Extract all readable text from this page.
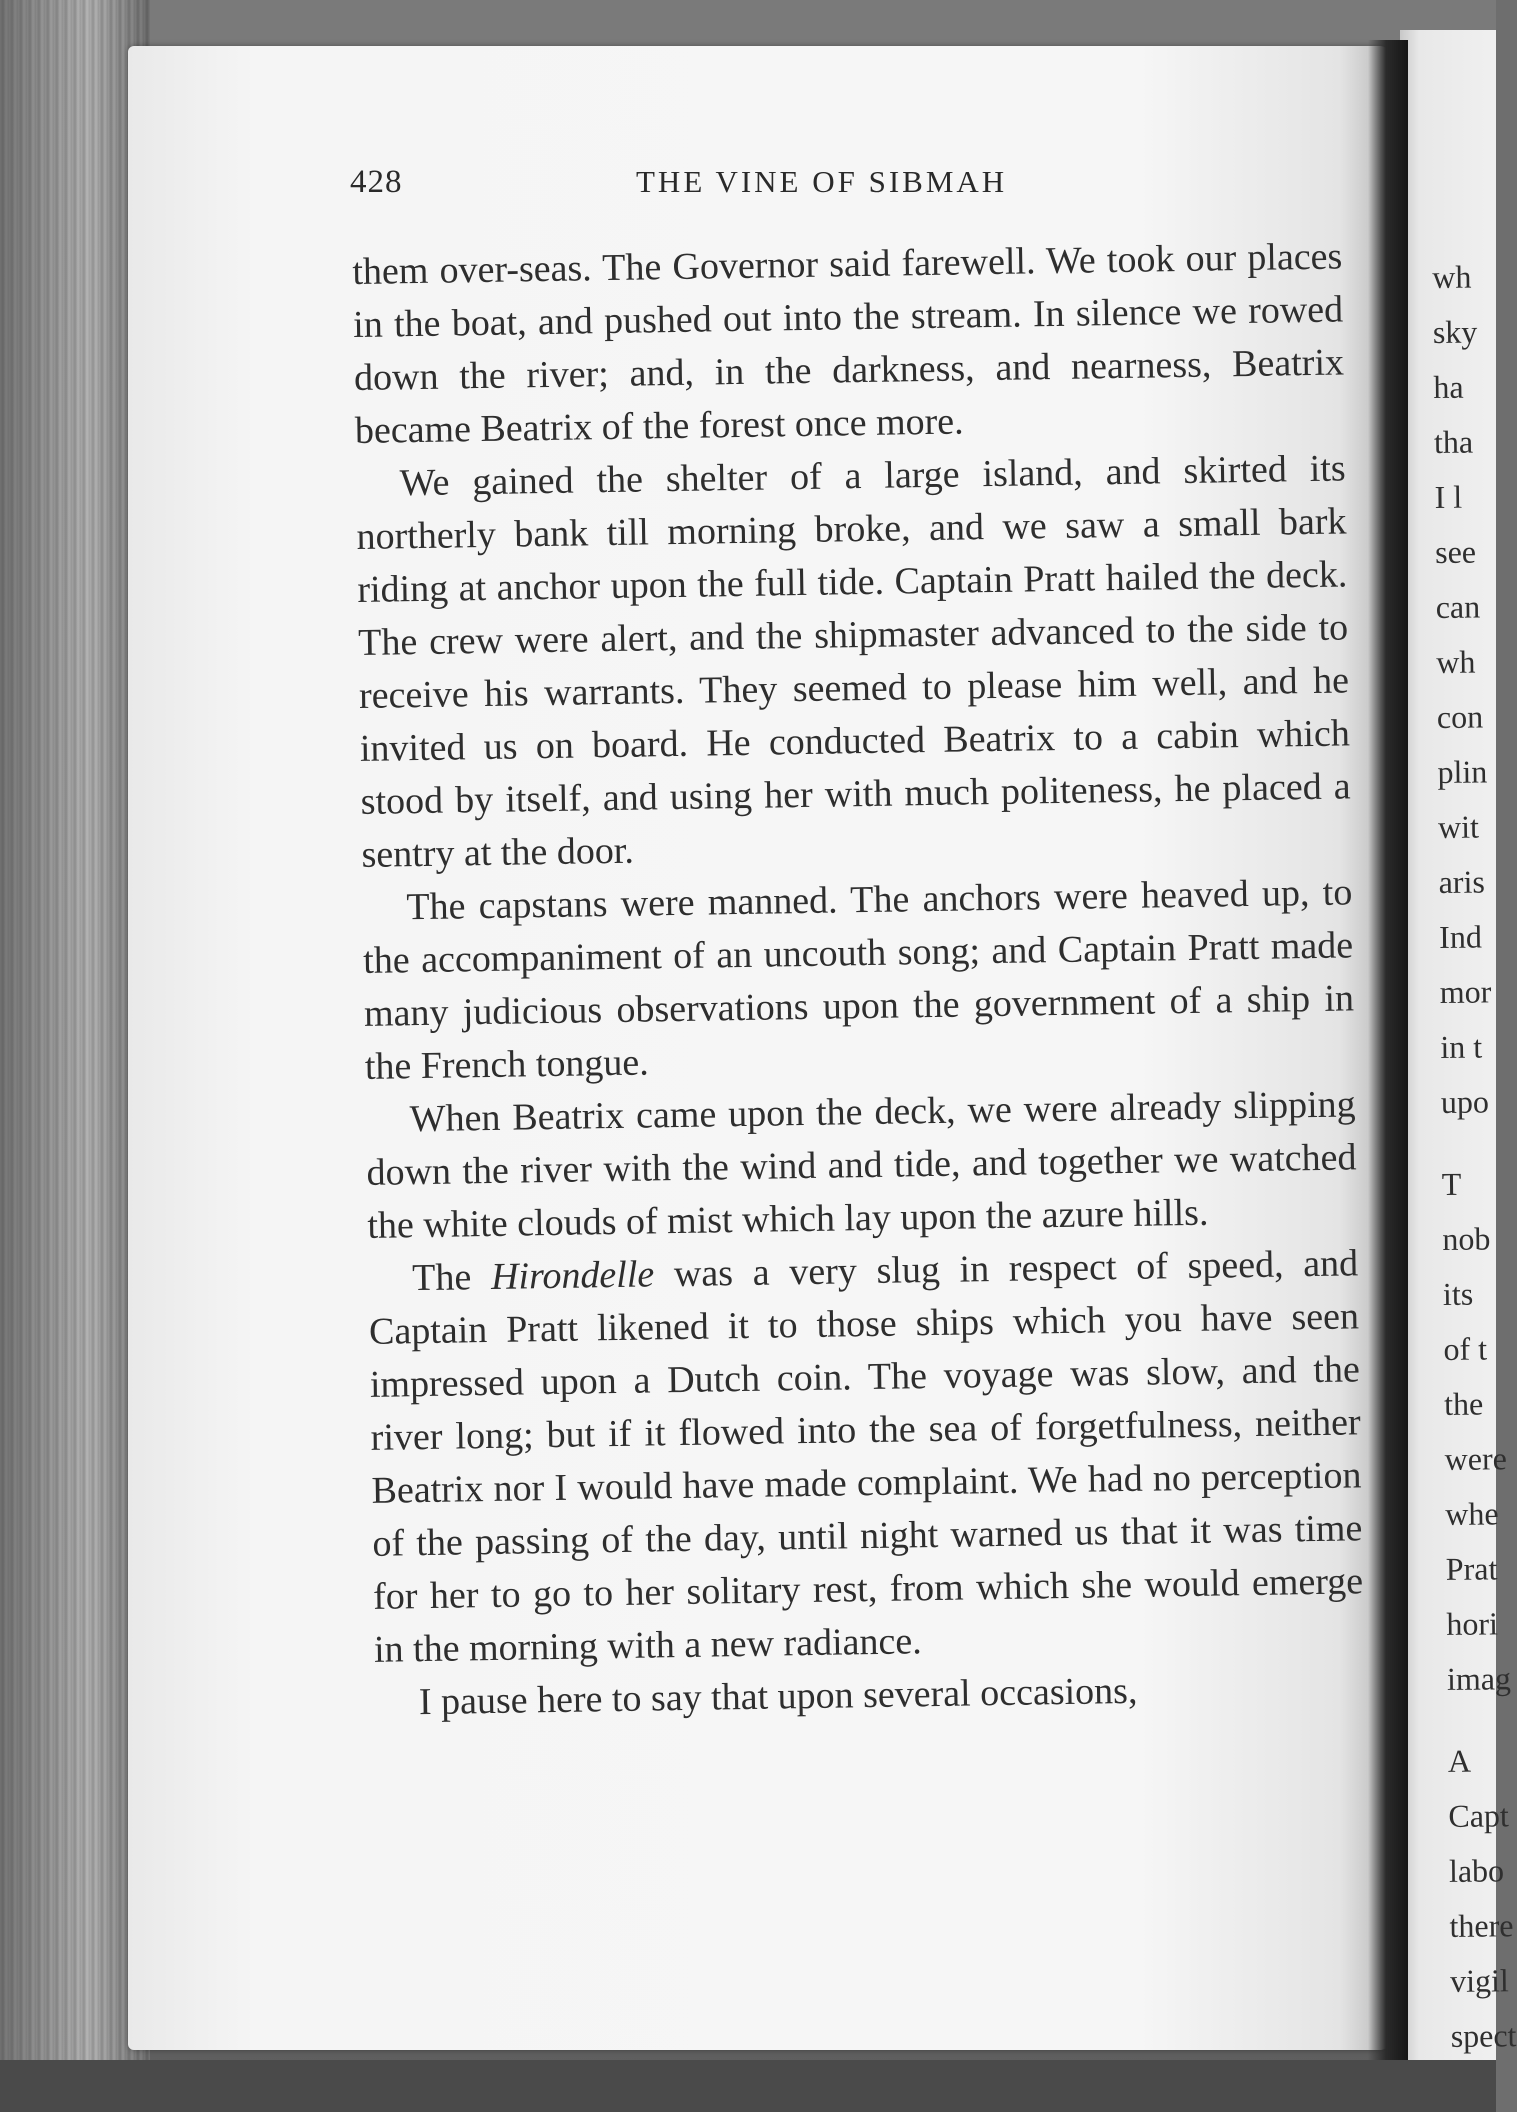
428	THE VINE OF SIBMAH

them over-seas. The Governor said farewell. We took our places in the boat, and pushed out into the stream. In silence we rowed down the river; and, in the darkness, and nearness, Beatrix became Beatrix of the forest once more.

We gained the shelter of a large island, and skirted its northerly bank till morning broke, and we saw a small bark riding at anchor upon the full tide. Captain Pratt hailed the deck. The crew were alert, and the shipmaster advanced to the side to receive his warrants. They seemed to please him well, and he invited us on board. He conducted Beatrix to a cabin which stood by itself, and using her with much politeness, he placed a sentry at the door.

The capstans were manned. The anchors were heaved up, to the accompaniment of an uncouth song; and Captain Pratt made many judicious observations upon the government of a ship in the French tongue.

When Beatrix came upon the deck, we were already slipping down the river with the wind and tide, and together we watched the white clouds of mist which lay upon the azure hills.

The Hirondelle was a very slug in respect of speed, and Captain Pratt likened it to those ships which you have seen impressed upon a Dutch coin. The voyage was slow, and the river long; but if it flowed into the sea of forgetfulness, neither Beatrix nor I would have made complaint. We had no perception of the passing of the day, until night warned us that it was time for her to go to her solitary rest, from which she would emerge in the morning with a new radiance.

I pause here to say that upon several occasions,

wh
sky
ha
tha
I l
see
can
wh
con
plin
wit
aris
Ind
mor
in t
upo
T
nob
its
of t
the
were
whe
Prat
hori
imag
A
Capt
labo
there
vigil
spect
